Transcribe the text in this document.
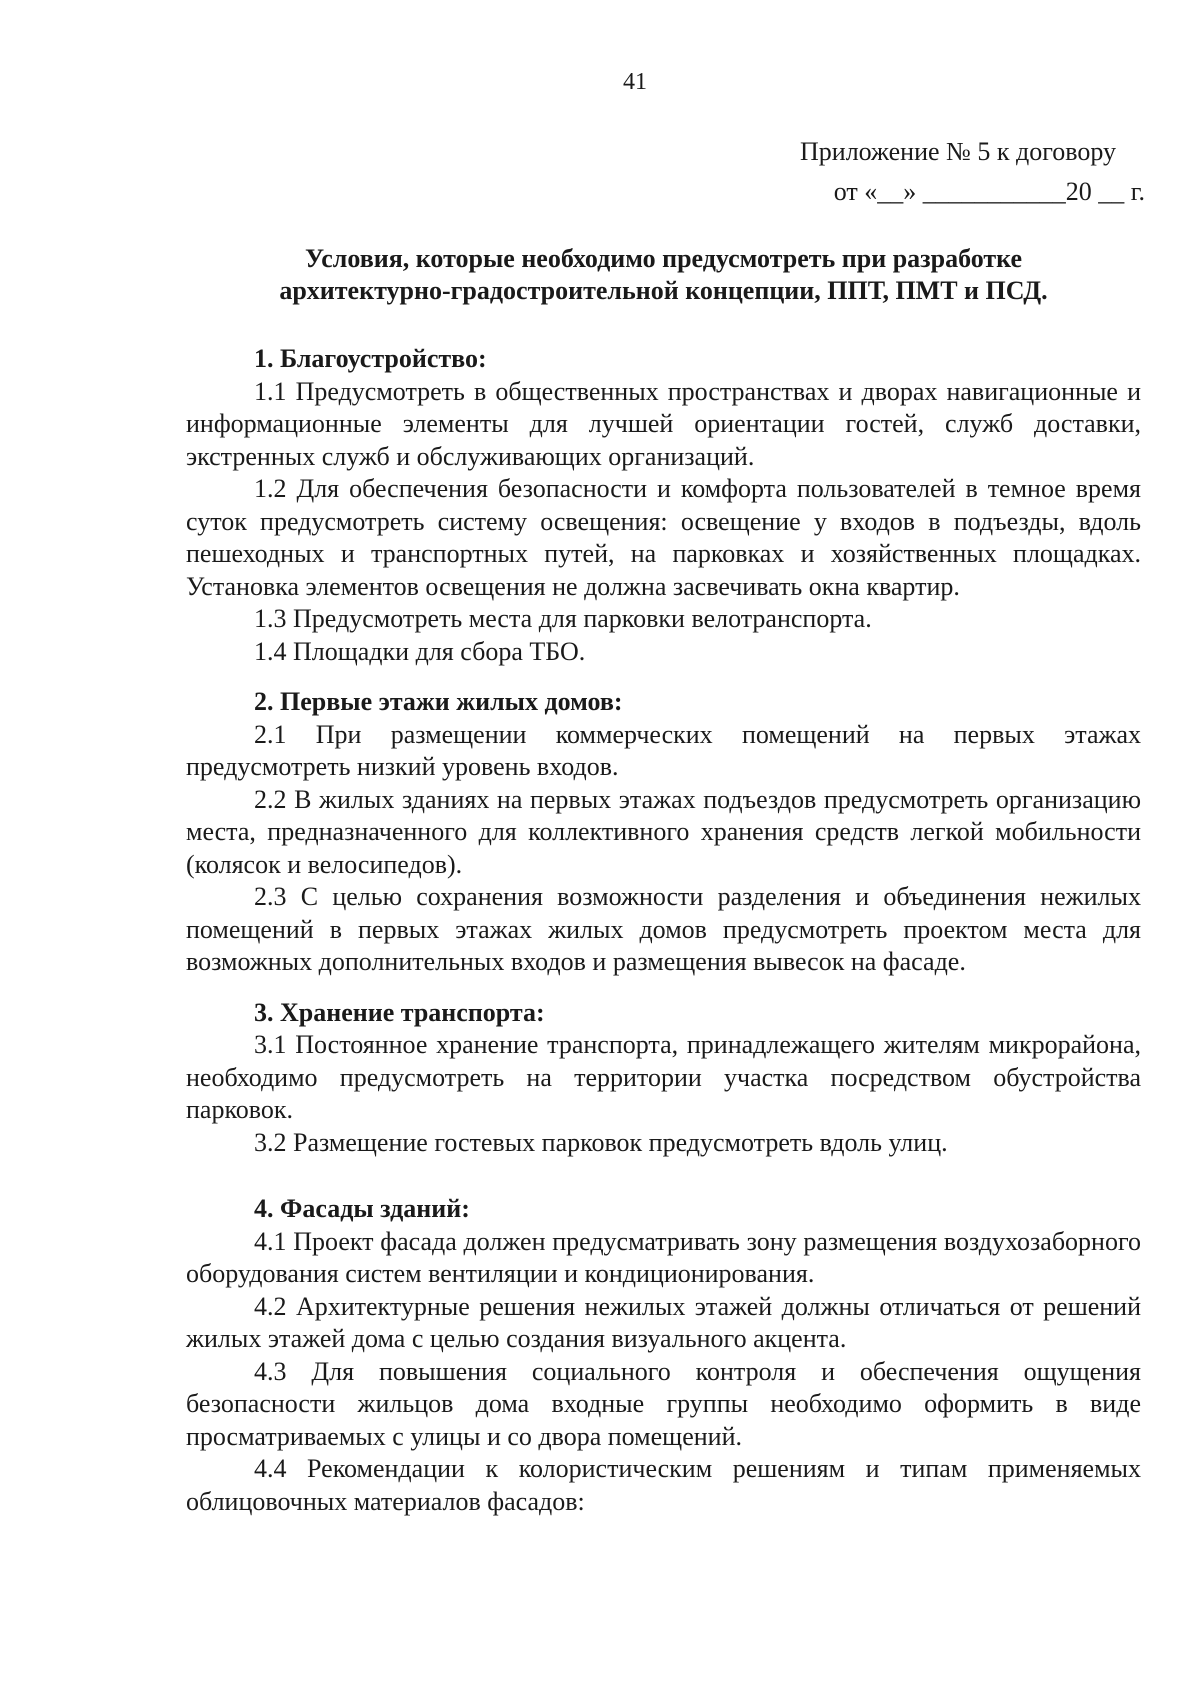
41
Приложение № 5 к договору
от «__» ___________20 __ г.
Условия, которые необходимо предусмотреть при разработке
архитектурно-градостроительной концепции, ППТ, ПМТ и ПСД.

1. Благоустройство:

1.1 Предусмотреть в общественных пространствах и дворах навигационные и информационные элементы для лучшей ориентации гостей, служб доставки, экстренных служб и обслуживающих организаций.

1.2 Для обеспечения безопасности и комфорта пользователей в темное время суток предусмотреть систему освещения: освещение у входов в подъезды, вдоль пешеходных и транспортных путей, на парковках и хозяйственных площадках. Установка элементов освещения не должна засвечивать окна квартир.

1.3 Предусмотреть места для парковки велотранспорта.

1.4 Площадки для сбора ТБО.

2. Первые этажи жилых домов:

2.1 При размещении коммерческих помещений на первых этажах предусмотреть низкий уровень входов.

2.2 В жилых зданиях на первых этажах подъездов предусмотреть организацию места, предназначенного для коллективного хранения средств легкой мобильности (колясок и велосипедов).

2.3 С целью сохранения возможности разделения и объединения нежилых помещений в первых этажах жилых домов предусмотреть проектом места для возможных дополнительных входов и размещения вывесок на фасаде.

3. Хранение транспорта:

3.1 Постоянное хранение транспорта, принадлежащего жителям микрорайона, необходимо предусмотреть на территории участка посредством обустройства парковок.

3.2 Размещение гостевых парковок предусмотреть вдоль улиц.

4. Фасады зданий:

4.1 Проект фасада должен предусматривать зону размещения воздухозаборного оборудования систем вентиляции и кондиционирования.

4.2 Архитектурные решения нежилых этажей должны отличаться от решений жилых этажей дома с целью создания визуального акцента.

4.3 Для повышения социального контроля и обеспечения ощущения безопасности жильцов дома входные группы необходимо оформить в виде просматриваемых с улицы и со двора помещений.

4.4 Рекомендации к колористическим решениям и типам применяемых облицовочных материалов фасадов:
